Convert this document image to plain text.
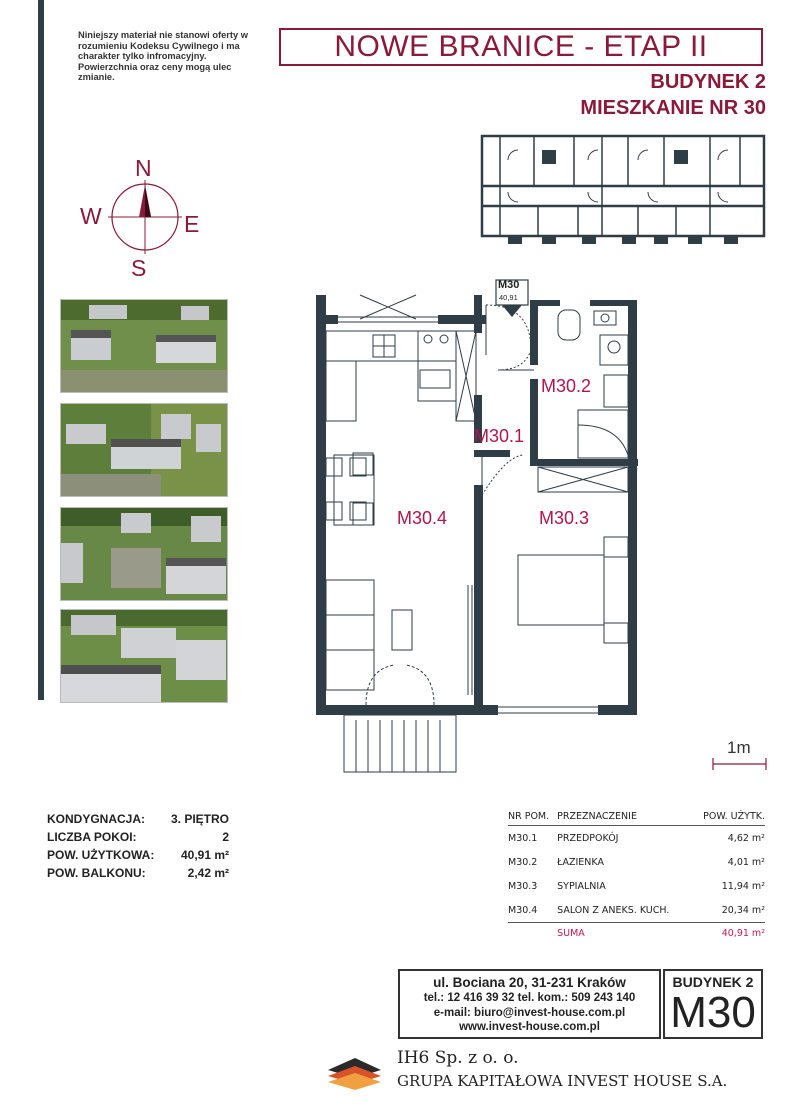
Niniejszy materiał nie stanowi oferty w rozumieniu Kodeksu Cywilnego i ma charakter tylko infromacyjny. Powierzchnia oraz ceny mogą ulec zmianie.
NOWE BRANICE - ETAP II
BUDYNEK 2
MIESZKANIE NR 30
N
S
E
W
M30
40,91
M30.2
M30.1
M30.4	M30.3
1m
KONDYGNACJA: 3. PIĘTRO
LICZBA POKOI:	2
POW. UŻYTKOWA: 40,91 m²
POW. BALKONU:	2,42 m²
NR POM.	PRZEZNACZENIE	POW. UŻYTK.
M30.1	PRZEDPOKÓJ	4,62 m²
M30.2	ŁAZIENKA	4,01 m²
M30.3	SYPIALNIA	11,94 m²
M30.4	SALON Z ANEKS. KUCH.	20,34 m²
	SUMA	40,91 m²
ul. Bociana 20, 31-231 Kraków
tel.: 12 416 39 32 tel. kom.: 509 243 140
e-mail: biuro@invest-house.com.pl
www.invest-house.com.pl
BUDYNEK 2
M30
IH6 Sp. z o. o.
GRUPA KAPITAŁOWA INVEST HOUSE S.A.
